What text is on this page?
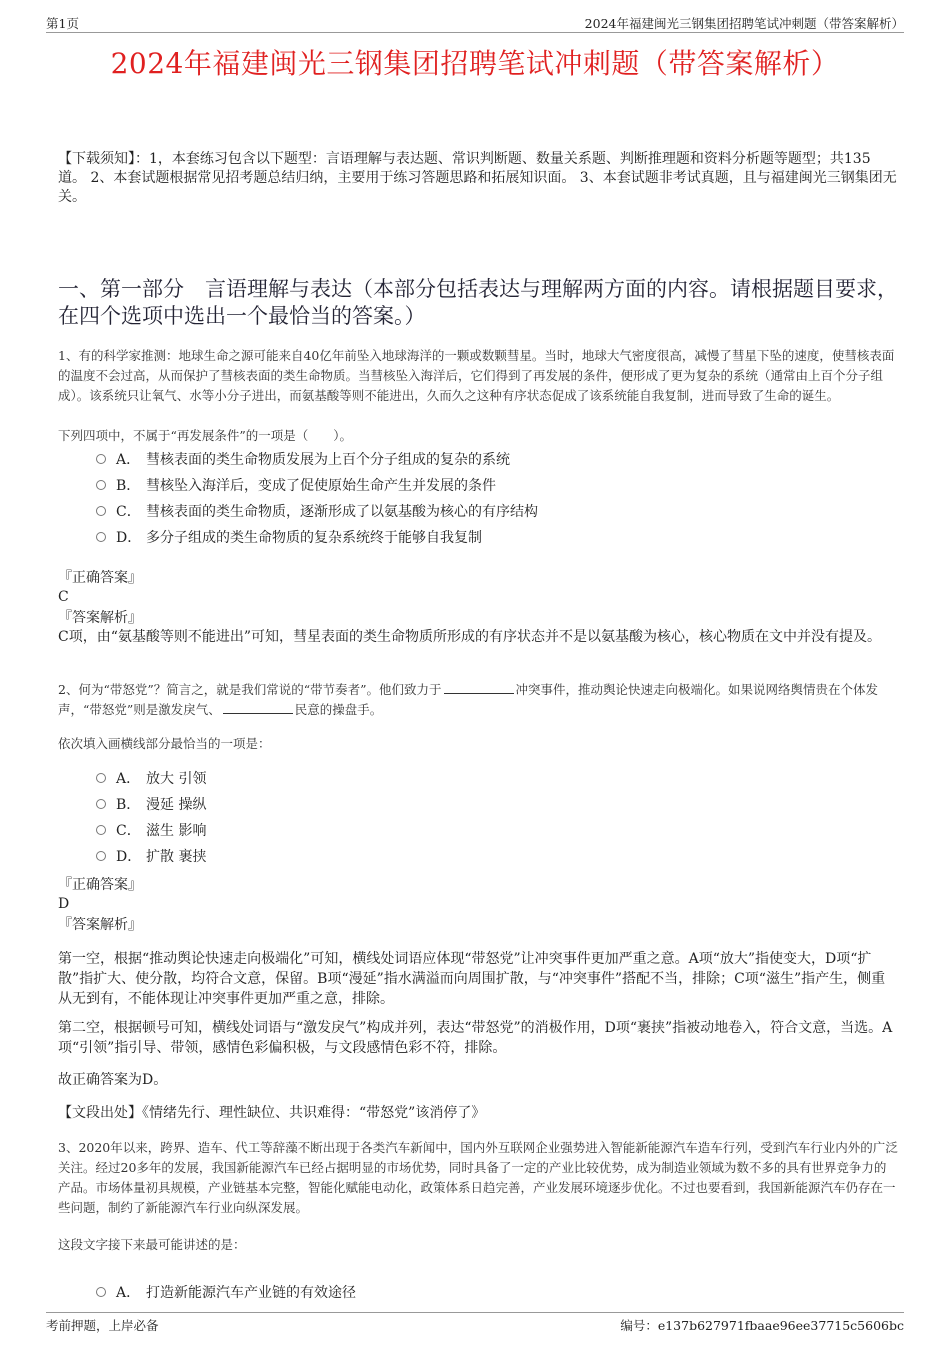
第1页	2024年福建闽光三钢集团招聘笔试冲刺题（带答案解析）
2024年福建闽光三钢集团招聘笔试冲刺题（带答案解析）
【下载须知】：1，本套练习包含以下题型：言语理解与表达题、常识判断题、数量关系题、判断推理题和资料分析题等题型；共135道。 2、本套试题根据常见招考题总结归纳，主要用于练习答题思路和拓展知识面。 3、本套试题非考试真题，且与福建闽光三钢集团无关。
一、第一部分　言语理解与表达（本部分包括表达与理解两方面的内容。请根据题目要求，在四个选项中选出一个最恰当的答案。）
1、有的科学家推测：地球生命之源可能来自40亿年前坠入地球海洋的一颗或数颗彗星。当时，地球大气密度很高，减慢了彗星下坠的速度，使彗核表面的温度不会过高，从而保护了彗核表面的类生命物质。当彗核坠入海洋后，它们得到了再发展的条件，便形成了更为复杂的系统（通常由上百个分子组成）。该系统只让氧气、水等小分子进出，而氨基酸等则不能进出，久而久之这种有序状态促成了该系统能自我复制，进而导致了生命的诞生。
下列四项中，不属于“再发展条件”的一项是（　　）。
A． 彗核表面的类生命物质发展为上百个分子组成的复杂的系统
B． 彗核坠入海洋后，变成了促使原始生命产生并发展的条件
C． 彗核表面的类生命物质，逐渐形成了以氨基酸为核心的有序结构
D． 多分子组成的类生命物质的复杂系统终于能够自我复制
『正确答案』
C
『答案解析』
C项，由“氨基酸等则不能进出”可知，彗星表面的类生命物质所形成的有序状态并不是以氨基酸为核心，核心物质在文中并没有提及。
2、何为“带怒党”？简言之，就是我们常说的“带节奏者”。他们致力于	冲突事件，推动舆论快速走向极端化。如果说网络舆情贵在个体发声，“带怒党”则是激发戾气、	民意的操盘手。
依次填入画横线部分最恰当的一项是：
A． 放大 引领
B． 漫延 操纵
C． 滋生 影响
D． 扩散 裹挟
『正确答案』
D
『答案解析』
第一空，根据“推动舆论快速走向极端化”可知，横线处词语应体现“带怒党”让冲突事件更加严重之意。A项“放大”指使变大，D项“扩散”指扩大、使分散，均符合文意，保留。B项“漫延”指水满溢而向周围扩散，与“冲突事件”搭配不当，排除；C项“滋生”指产生，侧重从无到有，不能体现让冲突事件更加严重之意，排除。
第二空，根据顿号可知，横线处词语与“激发戾气”构成并列，表达“带怒党”的消极作用，D项“裹挟”指被动地卷入，符合文意，当选。A项“引领”指引导、带领，感情色彩偏积极，与文段感情色彩不符，排除。
故正确答案为D。
【文段出处】《情绪先行、理性缺位、共识难得：“带怒党”该消停了》
3、2020年以来，跨界、造车、代工等辞藻不断出现于各类汽车新闻中，国内外互联网企业强势进入智能新能源汽车造车行列，受到汽车行业内外的广泛关注。经过20多年的发展，我国新能源汽车已经占据明显的市场优势，同时具备了一定的产业比较优势，成为制造业领域为数不多的具有世界竞争力的产品。市场体量初具规模，产业链基本完整，智能化赋能电动化，政策体系日趋完善，产业发展环境逐步优化。不过也要看到，我国新能源汽车仍存在一些问题，制约了新能源汽车行业向纵深发展。
这段文字接下来最可能讲述的是：
A． 打造新能源汽车产业链的有效途径
考前押题，上岸必备	编号：e137b627971fbaae96ee37715c5606bc
